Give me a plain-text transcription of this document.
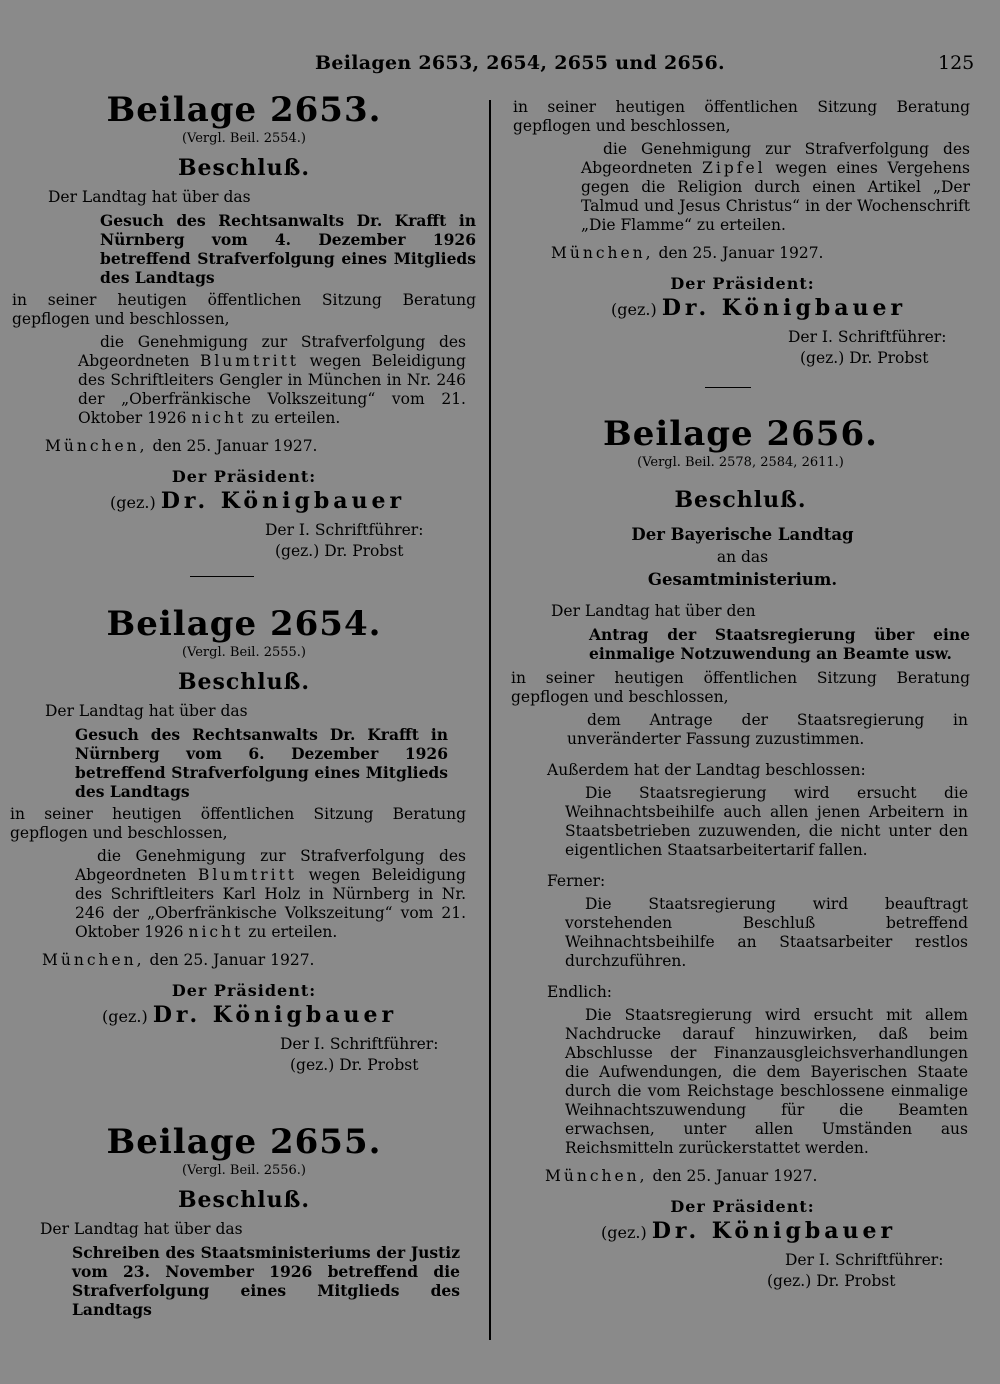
Beilagen 2653, 2654, 2655 und 2656.	125

Beilage 2653.

(Vergl. Beil. 2554.)

Beschluß.

Der Landtag hat über das

Gesuch des Rechtsanwalts Dr. Krafft in Nürnberg vom 4. Dezember 1926 betreffend Strafverfolgung eines Mitglieds des Landtags

in seiner heutigen öffentlichen Sitzung Beratung gepflogen und beschlossen,

die Genehmigung zur Strafverfolgung des Abgeordneten Blumtritt wegen Beleidigung des Schriftleiters Gengler in München in Nr. 246 der „Oberfränkische Volkszeitung“ vom 21. Oktober 1926 nicht zu erteilen.

München, den 25. Januar 1927.

Der Präsident:

(gez.) Dr. Königbauer

Der I. Schriftführer:

(gez.) Dr. Probst

Beilage 2654.

(Vergl. Beil. 2555.)

Beschluß.

Der Landtag hat über das

Gesuch des Rechtsanwalts Dr. Krafft in Nürnberg vom 6. Dezember 1926 betreffend Strafverfolgung eines Mitglieds des Landtags

in seiner heutigen öffentlichen Sitzung Beratung gepflogen und beschlossen,

die Genehmigung zur Strafverfolgung des Abgeordneten Blumtritt wegen Beleidigung des Schriftleiters Karl Holz in Nürnberg in Nr. 246 der „Oberfränkische Volkszeitung“ vom 21. Oktober 1926 nicht zu erteilen.

München, den 25. Januar 1927.

Der Präsident:

(gez.) Dr. Königbauer

Der I. Schriftführer:

(gez.) Dr. Probst

Beilage 2655.

(Vergl. Beil. 2556.)

Beschluß.

Der Landtag hat über das

Schreiben des Staatsministeriums der Justiz vom 23. November 1926 betreffend die Strafverfolgung eines Mitglieds des Landtags

in seiner heutigen öffentlichen Sitzung Beratung gepflogen und beschlossen,

die Genehmigung zur Strafverfolgung des Abgeordneten Zipfel wegen eines Vergehens gegen die Religion durch einen Artikel „Der Talmud und Jesus Christus“ in der Wochenschrift „Die Flamme“ zu erteilen.

München, den 25. Januar 1927.

Der Präsident:

(gez.) Dr. Königbauer

Der I. Schriftführer:

(gez.) Dr. Probst

Beilage 2656.

(Vergl. Beil. 2578, 2584, 2611.)

Beschluß.

Der Bayerische Landtag

an das

Gesamtministerium.

Der Landtag hat über den

Antrag der Staatsregierung über eine einmalige Notzuwendung an Beamte usw.

in seiner heutigen öffentlichen Sitzung Beratung gepflogen und beschlossen,

dem Antrage der Staatsregierung in unveränderter Fassung zuzustimmen.

Außerdem hat der Landtag beschlossen:

Die Staatsregierung wird ersucht die Weihnachtsbeihilfe auch allen jenen Arbeitern in Staatsbetrieben zuzuwenden, die nicht unter den eigentlichen Staatsarbeitertarif fallen.

Ferner:

Die Staatsregierung wird beauftragt vorstehenden Beschluß betreffend Weihnachtsbeihilfe an Staatsarbeiter restlos durchzuführen.

Endlich:

Die Staatsregierung wird ersucht mit allem Nachdrucke darauf hinzuwirken, daß beim Abschlusse der Finanzausgleichsverhandlungen die Aufwendungen, die dem Bayerischen Staate durch die vom Reichstage beschlossene einmalige Weihnachtszuwendung für die Beamten erwachsen, unter allen Umständen aus Reichsmitteln zurückerstattet werden.

München, den 25. Januar 1927.

Der Präsident:

(gez.) Dr. Königbauer

Der I. Schriftführer:

(gez.) Dr. Probst
